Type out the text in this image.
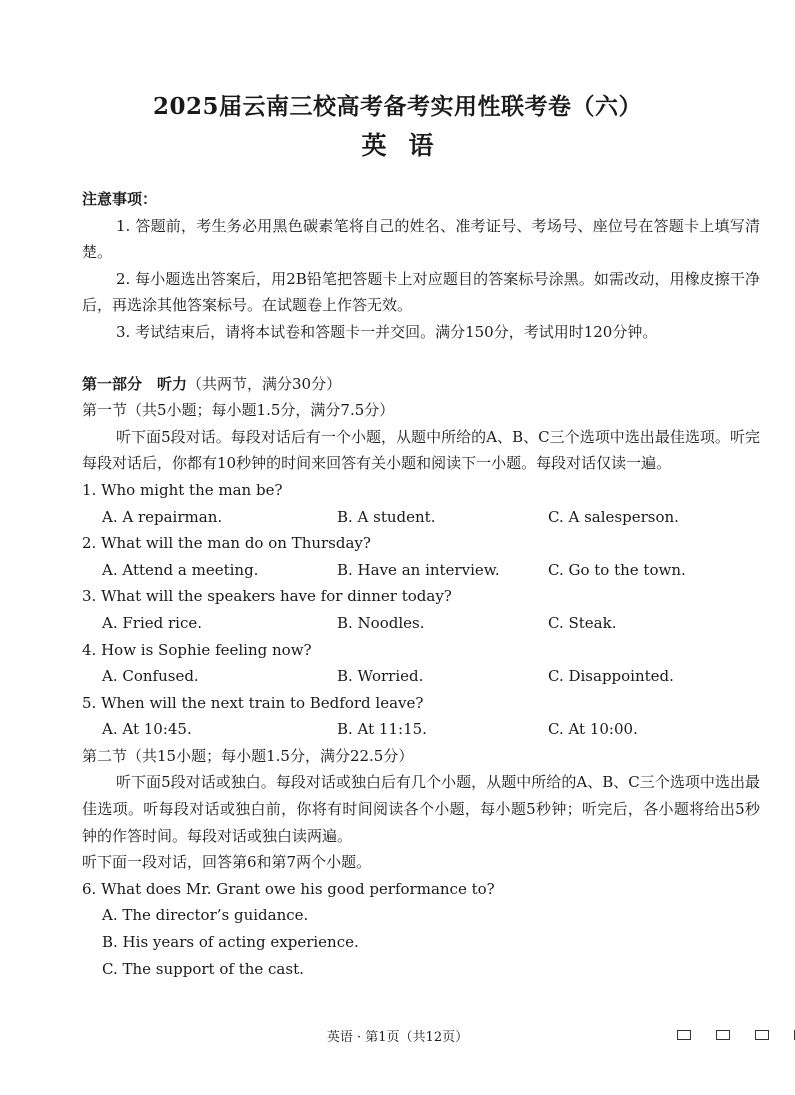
2025届云南三校高考备考实用性联考卷（六）
英语
注意事项：
1. 答题前，考生务必用黑色碳素笔将自己的姓名、准考证号、考场号、座位号在答题卡上填写清楚。
2. 每小题选出答案后，用2B铅笔把答题卡上对应题目的答案标号涂黑。如需改动，用橡皮擦干净后，再选涂其他答案标号。在试题卷上作答无效。
3. 考试结束后，请将本试卷和答题卡一并交回。满分150分，考试用时120分钟。
第一部分　听力（共两节，满分30分）
第一节（共5小题；每小题1.5分，满分7.5分）
听下面5段对话。每段对话后有一个小题，从题中所给的A、B、C三个选项中选出最佳选项。听完每段对话后，你都有10秒钟的时间来回答有关小题和阅读下一小题。每段对话仅读一遍。
1. Who might the man be?
A. A repairman.	B. A student.	C. A salesperson.
2. What will the man do on Thursday?
A. Attend a meeting.	B. Have an interview.	C. Go to the town.
3. What will the speakers have for dinner today?
A. Fried rice.	B. Noodles.	C. Steak.
4. How is Sophie feeling now?
A. Confused.	B. Worried.	C. Disappointed.
5. When will the next train to Bedford leave?
A. At 10:45.	B. At 11:15.	C. At 10:00.
第二节（共15小题；每小题1.5分，满分22.5分）
听下面5段对话或独白。每段对话或独白后有几个小题，从题中所给的A、B、C三个选项中选出最佳选项。听每段对话或独白前，你将有时间阅读各个小题，每小题5秒钟；听完后，各小题将给出5秒钟的作答时间。每段对话或独白读两遍。
听下面一段对话，回答第6和第7两个小题。
6. What does Mr. Grant owe his good performance to?
A. The director’s guidance.
B. His years of acting experience.
C. The support of the cast.
英语 · 第1页（共12页）
